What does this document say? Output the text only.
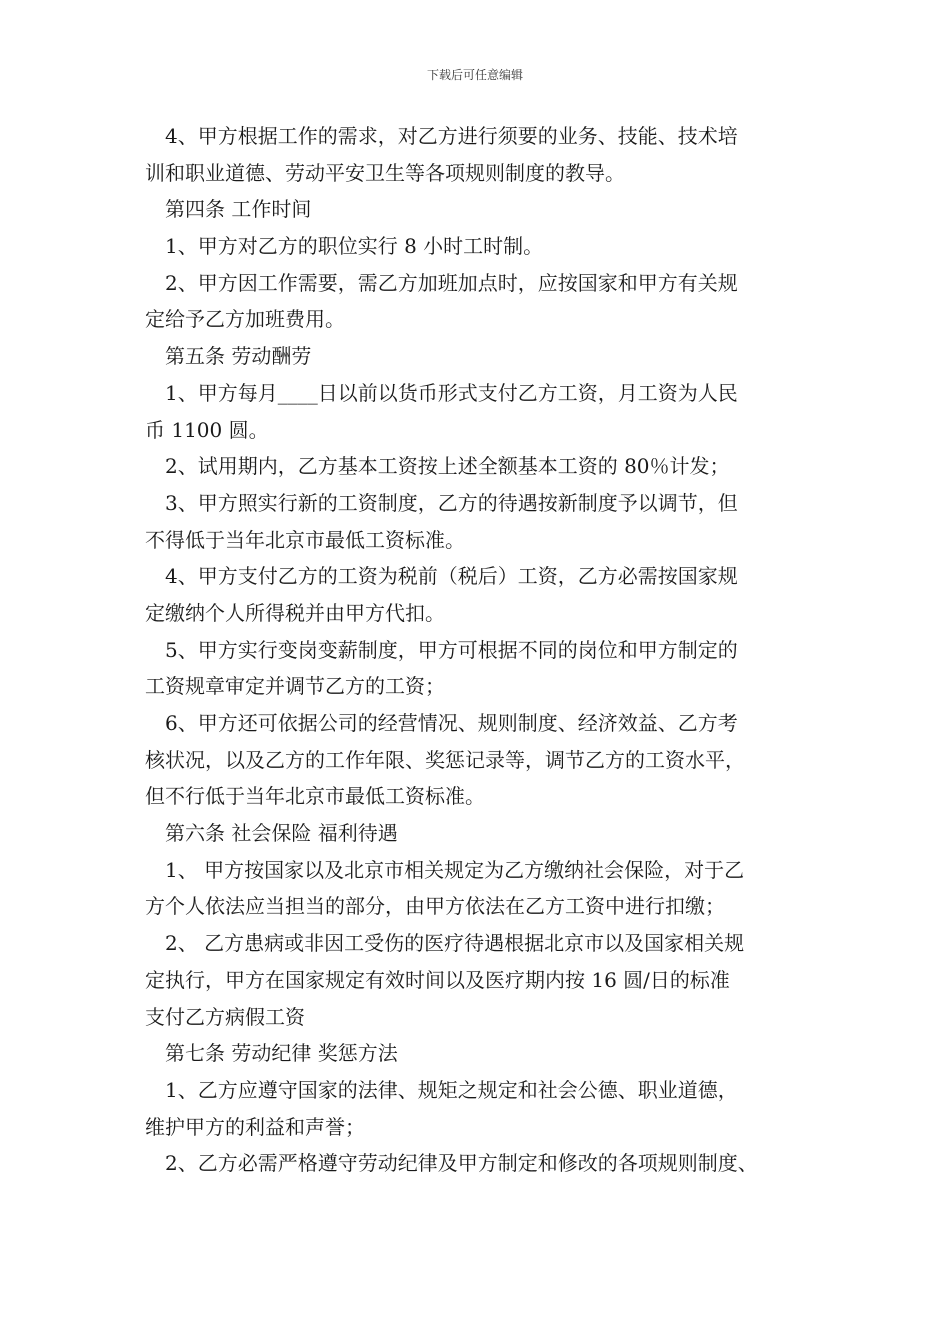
下载后可任意编辑
4、甲方根据工作的需求，对乙方进行须要的业务、技能、技术培
训和职业道德、劳动平安卫生等各项规则制度的教导。
第四条 工作时间
1、甲方对乙方的职位实行 8 小时工时制。
2、甲方因工作需要，需乙方加班加点时，应按国家和甲方有关规
定给予乙方加班费用。
第五条 劳动酬劳
1、甲方每月____日以前以货币形式支付乙方工资，月工资为人民
币 1100 圆。
2、试用期内，乙方基本工资按上述全额基本工资的 80％计发；
3、甲方照实行新的工资制度，乙方的待遇按新制度予以调节，但
不得低于当年北京市最低工资标准。
4、甲方支付乙方的工资为税前（税后）工资，乙方必需按国家规
定缴纳个人所得税并由甲方代扣。
5、甲方实行变岗变薪制度，甲方可根据不同的岗位和甲方制定的
工资规章审定并调节乙方的工资；
6、甲方还可依据公司的经营情况、规则制度、经济效益、乙方考
核状况，以及乙方的工作年限、奖惩记录等，调节乙方的工资水平，
但不行低于当年北京市最低工资标准。
第六条 社会保险 福利待遇
1、 甲方按国家以及北京市相关规定为乙方缴纳社会保险，对于乙
方个人依法应当担当的部分，由甲方依法在乙方工资中进行扣缴；
2、 乙方患病或非因工受伤的医疗待遇根据北京市以及国家相关规
定执行，甲方在国家规定有效时间以及医疗期内按 16 圆/日的标准
支付乙方病假工资
第七条 劳动纪律 奖惩方法
1、乙方应遵守国家的法律、规矩之规定和社会公德、职业道德，
维护甲方的利益和声誉；
2、乙方必需严格遵守劳动纪律及甲方制定和修改的各项规则制度、
